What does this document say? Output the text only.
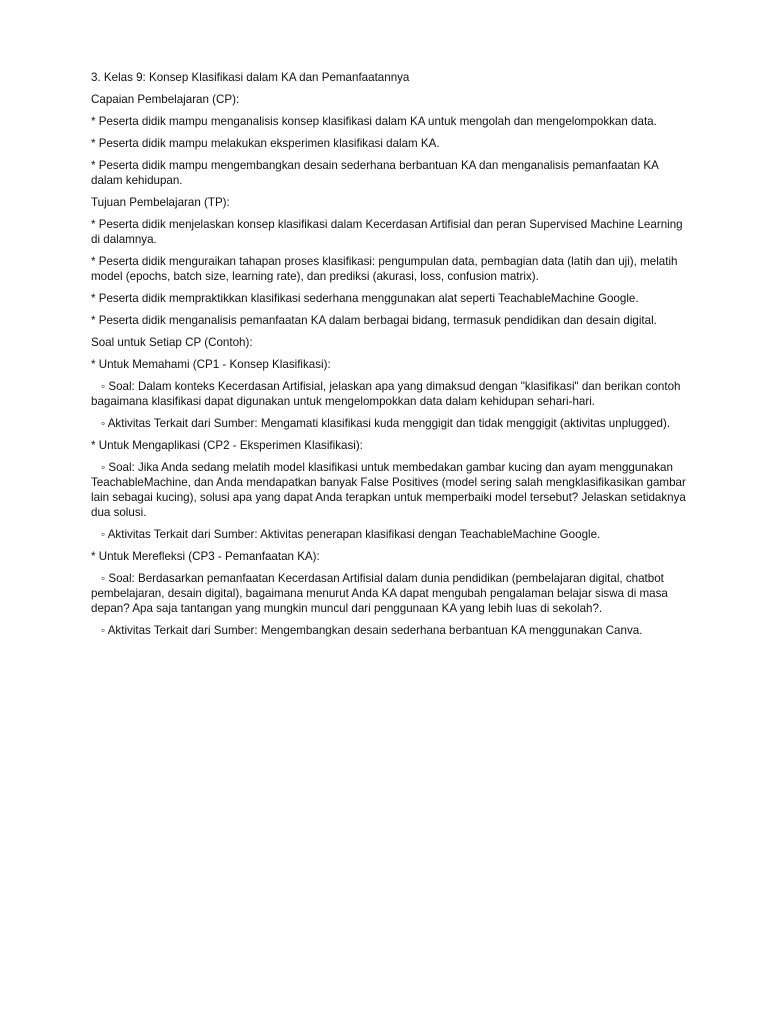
3. Kelas 9: Konsep Klasifikasi dalam KA dan Pemanfaatannya

Capaian Pembelajaran (CP):

* Peserta didik mampu menganalisis konsep klasifikasi dalam KA untuk mengolah dan mengelompokkan data.

* Peserta didik mampu melakukan eksperimen klasifikasi dalam KA.

* Peserta didik mampu mengembangkan desain sederhana berbantuan KA dan menganalisis pemanfaatan KA dalam kehidupan.

Tujuan Pembelajaran (TP):

* Peserta didik menjelaskan konsep klasifikasi dalam Kecerdasan Artifisial dan peran Supervised Machine Learning di dalamnya.

* Peserta didik menguraikan tahapan proses klasifikasi: pengumpulan data, pembagian data (latih dan uji), melatih model (epochs, batch size, learning rate), dan prediksi (akurasi, loss, confusion matrix).

* Peserta didik mempraktikkan klasifikasi sederhana menggunakan alat seperti TeachableMachine Google.

* Peserta didik menganalisis pemanfaatan KA dalam berbagai bidang, termasuk pendidikan dan desain digital.

Soal untuk Setiap CP (Contoh):

* Untuk Memahami (CP1 - Konsep Klasifikasi):

◦ Soal: Dalam konteks Kecerdasan Artifisial, jelaskan apa yang dimaksud dengan "klasifikasi" dan berikan contoh bagaimana klasifikasi dapat digunakan untuk mengelompokkan data dalam kehidupan sehari-hari.

◦ Aktivitas Terkait dari Sumber: Mengamati klasifikasi kuda menggigit dan tidak menggigit (aktivitas unplugged).

* Untuk Mengaplikasi (CP2 - Eksperimen Klasifikasi):

◦ Soal: Jika Anda sedang melatih model klasifikasi untuk membedakan gambar kucing dan ayam menggunakan TeachableMachine, dan Anda mendapatkan banyak False Positives (model sering salah mengklasifikasikan gambar lain sebagai kucing), solusi apa yang dapat Anda terapkan untuk memperbaiki model tersebut? Jelaskan setidaknya dua solusi.

◦ Aktivitas Terkait dari Sumber: Aktivitas penerapan klasifikasi dengan TeachableMachine Google.

* Untuk Merefleksi (CP3 - Pemanfaatan KA):

◦ Soal: Berdasarkan pemanfaatan Kecerdasan Artifisial dalam dunia pendidikan (pembelajaran digital, chatbot pembelajaran, desain digital), bagaimana menurut Anda KA dapat mengubah pengalaman belajar siswa di masa depan? Apa saja tantangan yang mungkin muncul dari penggunaan KA yang lebih luas di sekolah?.

◦ Aktivitas Terkait dari Sumber: Mengembangkan desain sederhana berbantuan KA menggunakan Canva.
